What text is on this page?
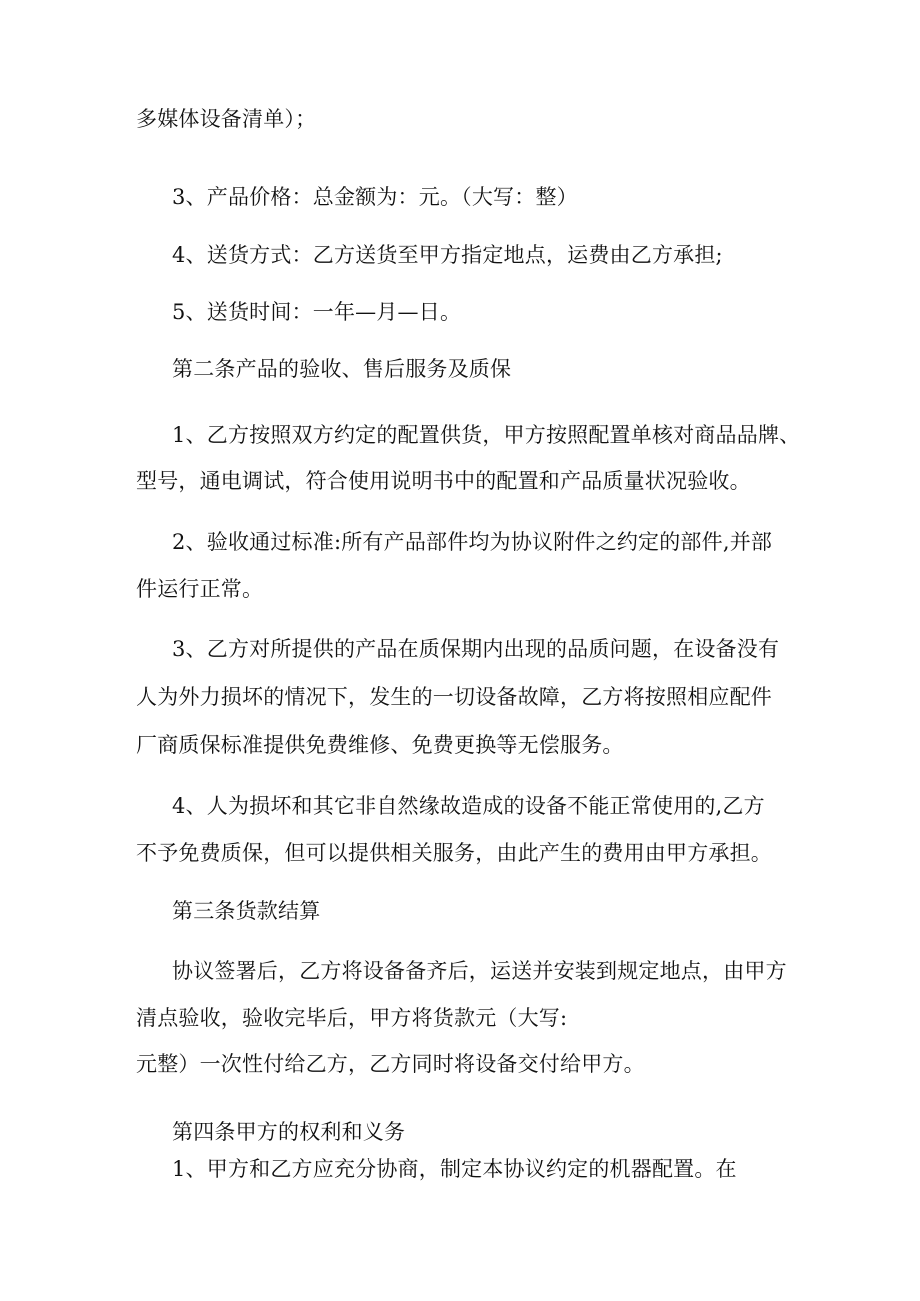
多媒体设备清单）；
3、产品价格：总金额为：元。（大写：整）
4、送货方式：乙方送货至甲方指定地点，运费由乙方承担;
5、送货时间：一年—月—日。
第二条产品的验收、售后服务及质保
1、乙方按照双方约定的配置供货，甲方按照配置单核对商品品牌、
型号，通电调试，符合使用说明书中的配置和产品质量状况验收。
2、验收通过标准:所有产品部件均为协议附件之约定的部件,并部
件运行正常。
3、乙方对所提供的产品在质保期内出现的品质问题，在设备没有
人为外力损坏的情况下，发生的一切设备故障，乙方将按照相应配件
厂商质保标准提供免费维修、免费更换等无偿服务。
4、人为损坏和其它非自然缘故造成的设备不能正常使用的,乙方
不予免费质保，但可以提供相关服务，由此产生的费用由甲方承担。
第三条货款结算
协议签署后，乙方将设备备齐后，运送并安装到规定地点，由甲方
清点验收，验收完毕后，甲方将货款元（大写:
元整）一次性付给乙方，乙方同时将设备交付给甲方。
第四条甲方的权利和义务
1、甲方和乙方应充分协商，制定本协议约定的机器配置。在
